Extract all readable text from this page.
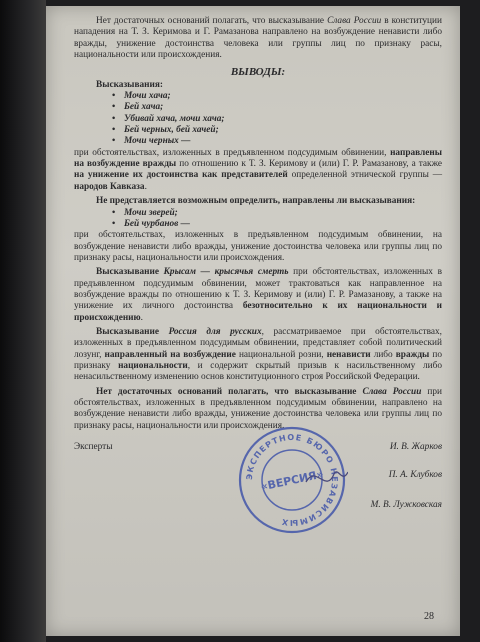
Нет достаточных оснований полагать, что высказывание Слава России в конституции нападения на Т. З. Керимова и Г. Рамазанова направлено на возбуждение ненависти либо вражды, унижение достоинства человека или группы лиц по признаку расы, национальности или происхождения.

ВЫВОДЫ:

Высказывания:

• Мочи хача;
• Бей хача;
• Убивай хача, мочи хача;
• Бей черных, бей хачей;
• Мочи черных —

при обстоятельствах, изложенных в предъявленном подсудимым обвинении, направлены на возбуждение вражды по отношению к Т. З. Керимову и (или) Г. Р. Рамазанову, а также на унижение их достоинства как представителей определенной этнической группы — народов Кавказа.

Не представляется возможным определить, направлены ли высказывания:

• Мочи зверей;
• Бей чурбанов —

при обстоятельствах, изложенных в предъявленном подсудимым обвинении, на возбуждение ненависти либо вражды, унижение достоинства человека или группы лиц по признаку расы, национальности или происхождения.

Высказывание Крысам — крысячья смерть при обстоятельствах, изложенных в предъявленном подсудимым обвинении, может трактоваться как направленное на возбуждение вражды по отношению к Т. З. Керимову и (или) Г. Р. Рамазанову, а также на унижение их личного достоинства безотносительно к их национальности и происхождению.

Высказывание Россия для русских, рассматриваемое при обстоятельствах, изложенных в предъявленном подсудимым обвинении, представляет собой политический лозунг, направленный на возбуждение национальной розни, ненависти либо вражды по признаку национальности, и содержит скрытый призыв к насильственному либо ненасильственному изменению основ конституционного строя Российской Федерации.

Нет достаточных оснований полагать, что высказывание Слава России при обстоятельствах, изложенных в предъявленном подсудимым обвинении, направлено на возбуждение ненависти либо вражды, унижение достоинства человека или группы лиц по признаку расы, национальности или происхождения.

Эксперты
ЭКСПЕРТНОЕ БЮРО НЕЗАВИСИМЫХ
«ВЕРСИЯ»
И. В. Жарков
П. А. Клубков
М. В. Лужковская
28
